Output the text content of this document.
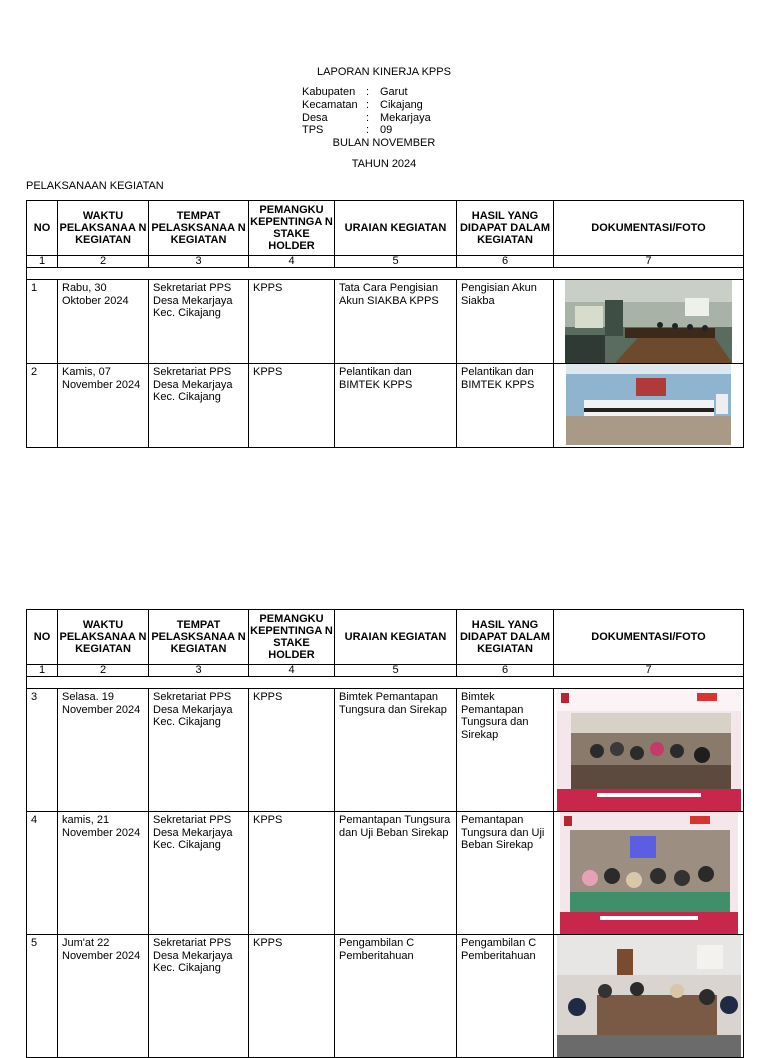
LAPORAN KINERJA KPPS
Kabupaten : Garut
Kecamatan : Cikajang
Desa	: Mekarjaya
TPS	: 09
BULAN NOVEMBER
TAHUN 2024
PELAKSANAAN KEGIATAN
NO	WAKTU PELAKSANAA N KEGIATAN	TEMPAT PELASKSANAA N KEGIATAN	PEMANGKU KEPENTINGA N STAKE HOLDER	URAIAN KEGIATAN	HASIL YANG DIDAPAT DALAM KEGIATAN	DOKUMENTASI/FOTO
1	2	3	4	5	6	7

1	Rabu, 30 Oktober 2024	Sekretariat PPS Desa Mekarjaya Kec. Cikajang	KPPS	Tata Cara Pengisian Akun SIAKBA KPPS	Pengisian Akun Siakba	

2	Kamis, 07 November 2024	Sekretariat PPS Desa Mekarjaya Kec. Cikajang	KPPS	Pelantikan dan BIMTEK KPPS	Pelantikan dan BIMTEK KPPS	
NO	WAKTU PELAKSANAA N KEGIATAN	TEMPAT PELASKSANAA N KEGIATAN	PEMANGKU KEPENTINGA N STAKE HOLDER	URAIAN KEGIATAN	HASIL YANG DIDAPAT DALAM KEGIATAN	DOKUMENTASI/FOTO
1	2	3	4	5	6	7

3	Selasa. 19 November 2024	Sekretariat PPS Desa Mekarjaya Kec. Cikajang	KPPS	Bimtek Pemantapan Tungsura dan Sirekap	Bimtek Pemantapan Tungsura dan Sirekap	

4	kamis, 21 November 2024	Sekretariat PPS Desa Mekarjaya Kec. Cikajang	KPPS	Pemantapan Tungsura dan Uji Beban Sirekap	Pemantapan Tungsura dan Uji Beban Sirekap	

5	Jum'at 22 November 2024	Sekretariat PPS Desa Mekarjaya Kec. Cikajang	KPPS	Pengambilan C Pemberitahuan	Pengambilan C Pemberitahuan	
